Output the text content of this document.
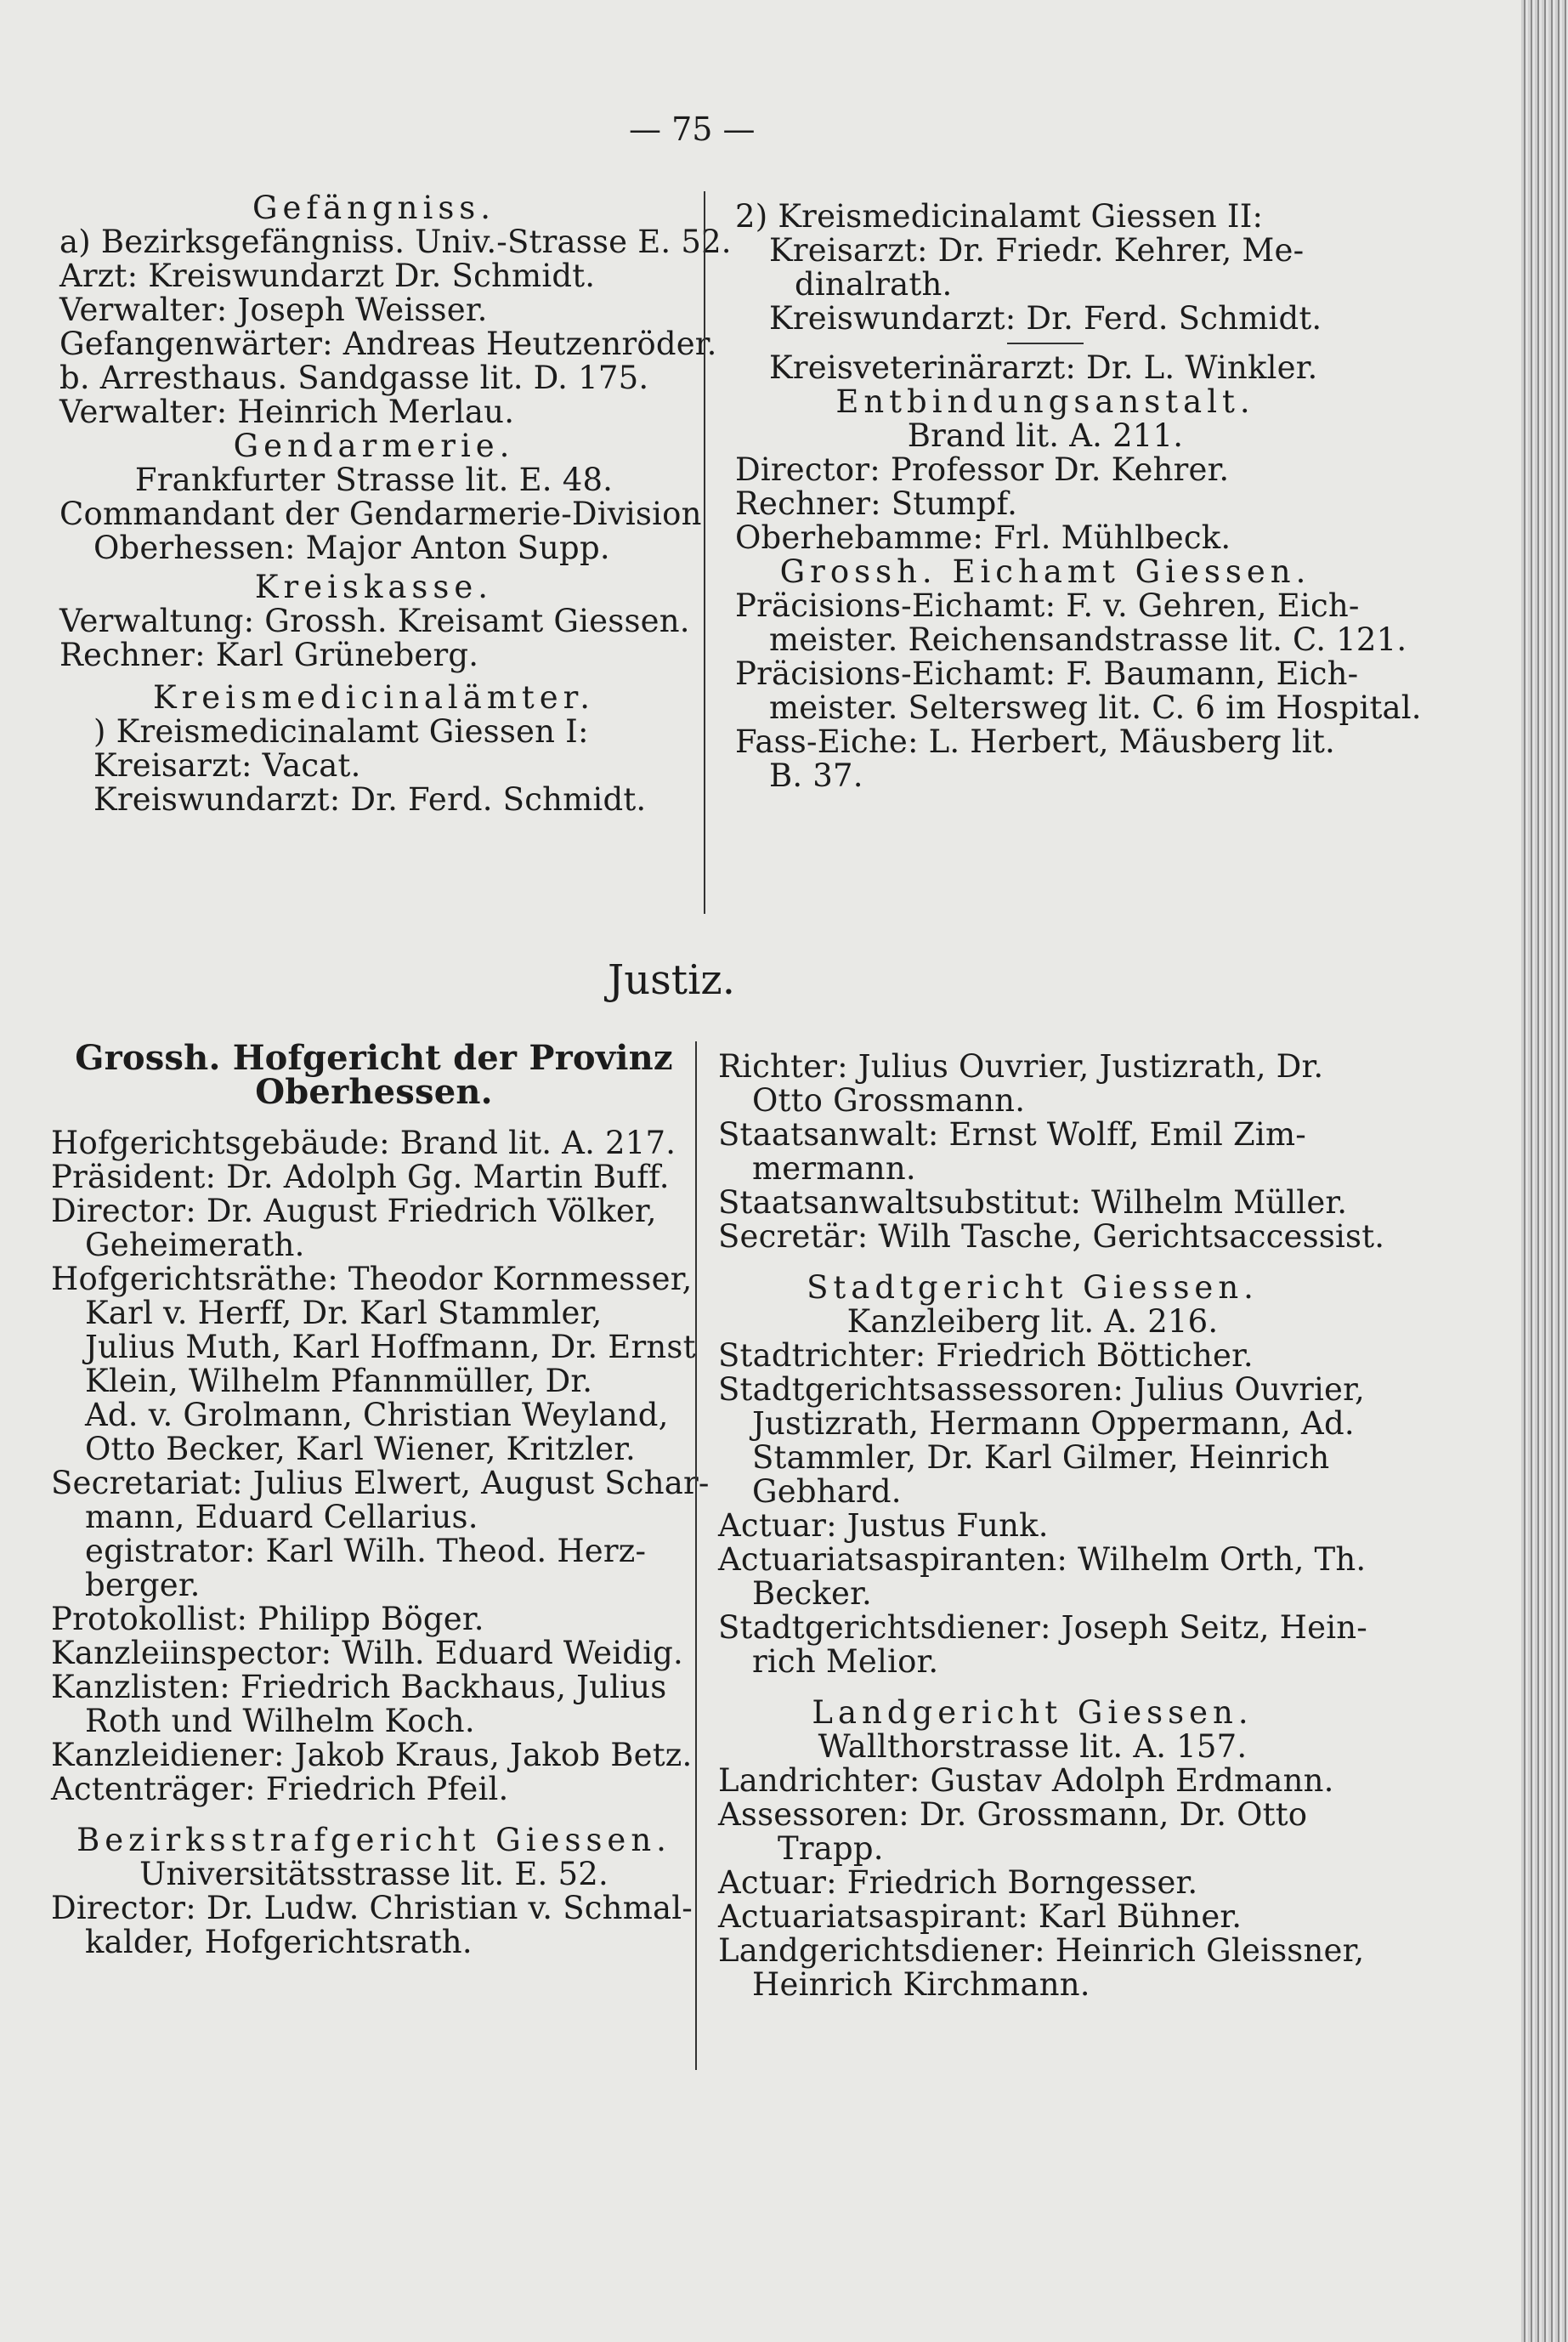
— 75 —

Gefängniss.

a) Bezirksgefängniss. Univ.-Strasse E. 52.

Arzt: Kreiswundarzt Dr. Schmidt.

Verwalter: Joseph Weisser.

Gefangenwärter: Andreas Heutzenröder.

b. Arresthaus. Sandgasse lit. D. 175.

Verwalter: Heinrich Merlau.

Gendarmerie.

Frankfurter Strasse lit. E. 48.

Commandant der Gendarmerie-Division

Oberhessen: Major Anton Supp.

Kreiskasse.

Verwaltung: Grossh. Kreisamt Giessen.

Rechner: Karl Grüneberg.

Kreismedicinalämter.

) Kreismedicinalamt Giessen I:

Kreisarzt: Vacat.

Kreiswundarzt: Dr. Ferd. Schmidt.

2) Kreismedicinalamt Giessen II:

Kreisarzt: Dr. Friedr. Kehrer, Me-

dinalrath.

Kreiswundarzt: Dr. Ferd. Schmidt.

Kreisveterinärarzt: Dr. L. Winkler.

Entbindungsanstalt.

Brand lit. A. 211.

Director: Professor Dr. Kehrer.

Rechner: Stumpf.

Oberhebamme: Frl. Mühlbeck.

Grossh. Eichamt Giessen.

Präcisions-Eichamt: F. v. Gehren, Eich-

meister. Reichensandstrasse lit. C. 121.

Präcisions-Eichamt: F. Baumann, Eich-

meister. Seltersweg lit. C. 6 im Hospital.

Fass-Eiche: L. Herbert, Mäusberg lit.

B. 37.

Justiz.

Grossh. Hofgericht der Provinz

Oberhessen.

Hofgerichtsgebäude: Brand lit. A. 217.

Präsident: Dr. Adolph Gg. Martin Buff.

Director: Dr. August Friedrich Völker,

Geheimerath.

Hofgerichtsräthe: Theodor Kornmesser,

Karl v. Herff, Dr. Karl Stammler,

Julius Muth, Karl Hoffmann, Dr. Ernst

Klein, Wilhelm Pfannmüller, Dr.

Ad. v. Grolmann, Christian Weyland,

Otto Becker, Karl Wiener, Kritzler.

Secretariat: Julius Elwert, August Schar-

mann, Eduard Cellarius.

egistrator: Karl Wilh. Theod. Herz-

berger.

Protokollist: Philipp Böger.

Kanzleiinspector: Wilh. Eduard Weidig.

Kanzlisten: Friedrich Backhaus, Julius

Roth und Wilhelm Koch.

Kanzleidiener: Jakob Kraus, Jakob Betz.

Actenträger: Friedrich Pfeil.

Bezirksstrafgericht Giessen.

Universitätsstrasse lit. E. 52.

Director: Dr. Ludw. Christian v. Schmal-

kalder, Hofgerichtsrath.

Richter: Julius Ouvrier, Justizrath, Dr.

Otto Grossmann.

Staatsanwalt: Ernst Wolff, Emil Zim-

mermann.

Staatsanwaltsubstitut: Wilhelm Müller.

Secretär: Wilh Tasche, Gerichtsaccessist.

Stadtgericht Giessen.

Kanzleiberg lit. A. 216.

Stadtrichter: Friedrich Bötticher.

Stadtgerichtsassessoren: Julius Ouvrier,

Justizrath, Hermann Oppermann, Ad.

Stammler, Dr. Karl Gilmer, Heinrich

Gebhard.

Actuar: Justus Funk.

Actuariatsaspiranten: Wilhelm Orth, Th.

Becker.

Stadtgerichtsdiener: Joseph Seitz, Hein-

rich Melior.

Landgericht Giessen.

Wallthorstrasse lit. A. 157.

Landrichter: Gustav Adolph Erdmann.

Assessoren: Dr. Grossmann, Dr. Otto

Trapp.

Actuar: Friedrich Borngesser.

Actuariatsaspirant: Karl Bühner.

Landgerichtsdiener: Heinrich Gleissner,

Heinrich Kirchmann.
